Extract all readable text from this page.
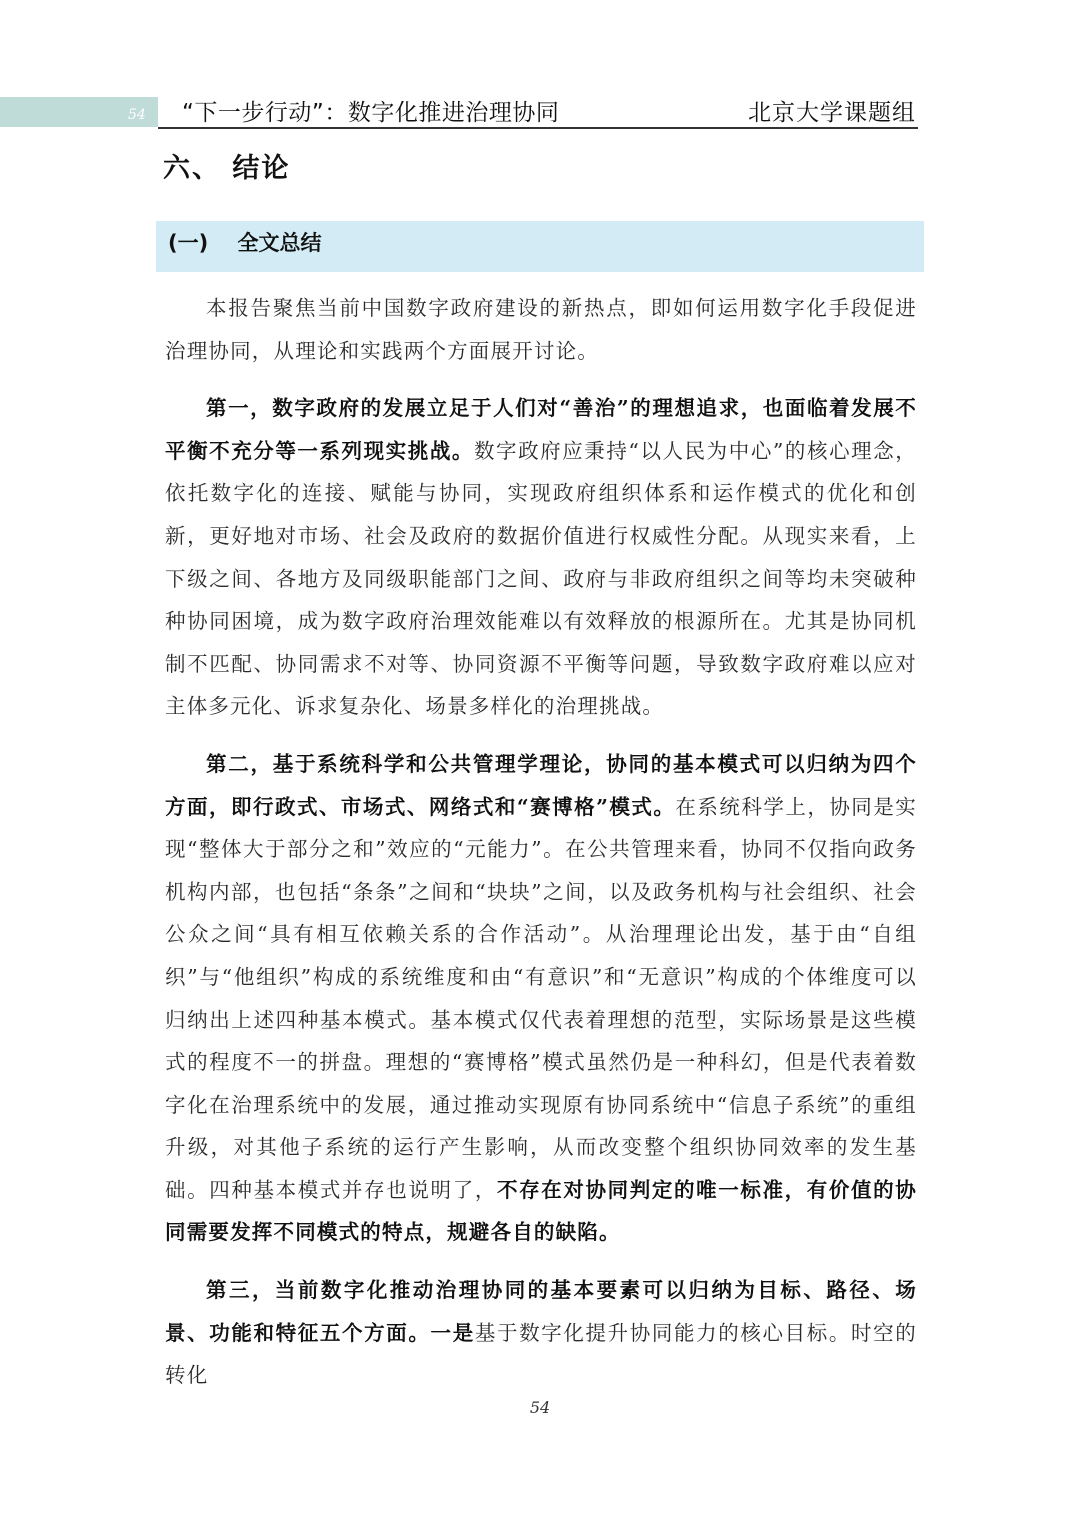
54 “下一步行动”：数字化推进治理协同	北京大学课题组
六、 结论
(一)    全文总结

本报告聚焦当前中国数字政府建设的新热点，即如何运用数字化手段促进治理协同，从理论和实践两个方面展开讨论。

第一，数字政府的发展立足于人们对“善治”的理想追求，也面临着发展不平衡不充分等一系列现实挑战。数字政府应秉持“以人民为中心”的核心理念，依托数字化的连接、赋能与协同，实现政府组织体系和运作模式的优化和创新，更好地对市场、社会及政府的数据价值进行权威性分配。从现实来看，上下级之间、各地方及同级职能部门之间、政府与非政府组织之间等均未突破种种协同困境，成为数字政府治理效能难以有效释放的根源所在。尤其是协同机制不匹配、协同需求不对等、协同资源不平衡等问题，导致数字政府难以应对主体多元化、诉求复杂化、场景多样化的治理挑战。

第二，基于系统科学和公共管理学理论，协同的基本模式可以归纳为四个方面，即行政式、市场式、网络式和“赛博格”模式。在系统科学上，协同是实现“整体大于部分之和”效应的“元能力”。在公共管理来看，协同不仅指向政务机构内部，也包括“条条”之间和“块块”之间，以及政务机构与社会组织、社会公众之间“具有相互依赖关系的合作活动”。从治理理论出发，基于由“自组织”与“他组织”构成的系统维度和由“有意识”和“无意识”构成的个体维度可以归纳出上述四种基本模式。基本模式仅代表着理想的范型，实际场景是这些模式的程度不一的拼盘。理想的“赛博格”模式虽然仍是一种科幻，但是代表着数字化在治理系统中的发展，通过推动实现原有协同系统中“信息子系统”的重组升级，对其他子系统的运行产生影响，从而改变整个组织协同效率的发生基础。四种基本模式并存也说明了，不存在对协同判定的唯一标准，有价值的协同需要发挥不同模式的特点，规避各自的缺陷。

第三，当前数字化推动治理协同的基本要素可以归纳为目标、路径、场景、功能和特征五个方面。一是基于数字化提升协同能力的核心目标。时空的转化

54
